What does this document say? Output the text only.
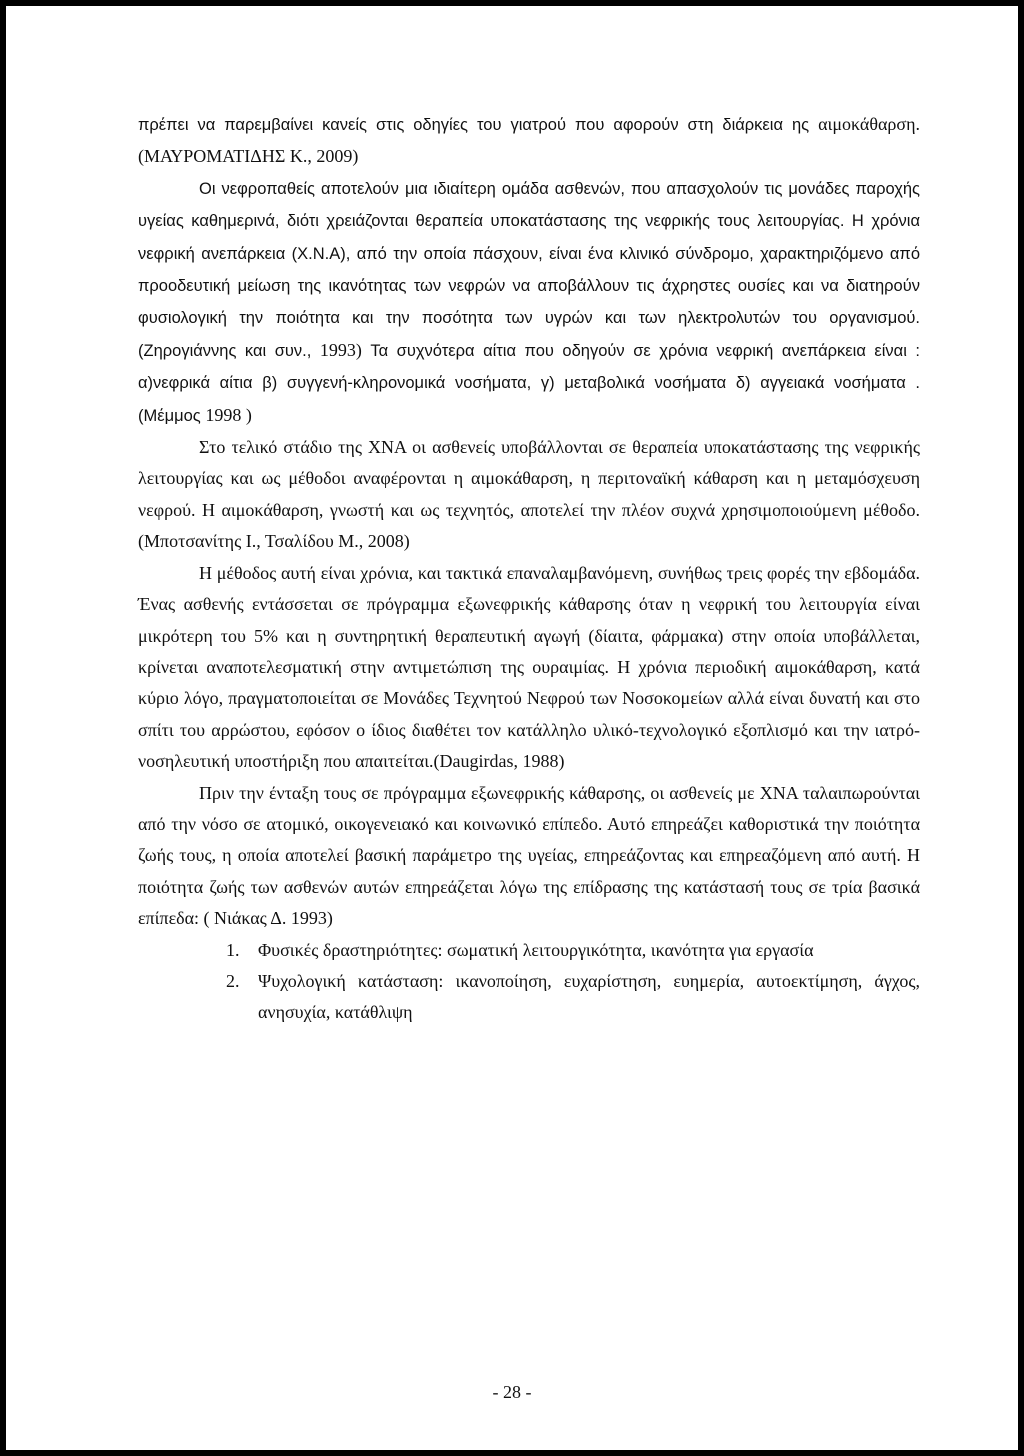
πρέπει να παρεμβαίνει κανείς στις οδηγίες του γιατρού που αφορούν στη διάρκεια ης αιμοκάθαρση. (ΜΑΥΡΟΜΑΤΙΔΗΣ Κ., 2009)

Οι νεφροπαθείς αποτελούν μια ιδιαίτερη ομάδα ασθενών, που απασχολούν τις μονάδες παροχής υγείας καθημερινά, διότι χρειάζονται θεραπεία υποκατάστασης της νεφρικής τους λειτουργίας. Η χρόνια νεφρική ανεπάρκεια (Χ.Ν.Α), από την οποία πάσχουν, είναι ένα κλινικό σύνδρομο, χαρακτηριζόμενο από προοδευτική μείωση της ικανότητας των νεφρών να αποβάλλουν τις άχρηστες ουσίες και να διατηρούν φυσιολογική την ποιότητα και την ποσότητα των υγρών και των ηλεκτρολυτών του οργανισμού.(Ζηρογιάννης και συν., 1993) Τα συχνότερα αίτια που οδηγούν σε χρόνια νεφρική ανεπάρκεια είναι : α)νεφρικά αίτια β) συγγενή-κληρονομικά νοσήματα, γ) μεταβολικά νοσήματα δ) αγγειακά νοσήματα .(Μέμμος 1998 )

Στο τελικό στάδιο της ΧΝΑ οι ασθενείς υποβάλλονται σε θεραπεία υποκατάστασης της νεφρικής λειτουργίας και ως μέθοδοι αναφέρονται η αιμοκάθαρση, η περιτοναϊκή κάθαρση και η μεταμόσχευση νεφρού. Η αιμοκάθαρση, γνωστή και ως τεχνητός, αποτελεί την πλέον συχνά χρησιμοποιούμενη μέθοδο.(Μποτσανίτης Ι., Τσαλίδου Μ., 2008)

Η μέθοδος αυτή είναι χρόνια, και τακτικά επαναλαμβανόμενη, συνήθως τρεις φορές την εβδομάδα. Ένας ασθενής εντάσσεται σε πρόγραμμα εξωνεφρικής κάθαρσης όταν η νεφρική του λειτουργία είναι μικρότερη του 5% και η συντηρητική θεραπευτική αγωγή (δίαιτα, φάρμακα) στην οποία υποβάλλεται, κρίνεται αναποτελεσματική στην αντιμετώπιση της ουραιμίας. Η χρόνια περιοδική αιμοκάθαρση, κατά κύριο λόγο, πραγματοποιείται σε Μονάδες Τεχνητού Νεφρού των Νοσοκομείων αλλά είναι δυνατή και στο σπίτι του αρρώστου, εφόσον ο ίδιος διαθέτει τον κατάλληλο υλικό-τεχνολογικό εξοπλισμό και την ιατρό-νοσηλευτική υποστήριξη που απαιτείται.(Daugirdas, 1988)

Πριν την ένταξη τους σε πρόγραμμα εξωνεφρικής κάθαρσης, οι ασθενείς με ΧΝΑ ταλαιπωρούνται από την νόσο σε ατομικό, οικογενειακό και κοινωνικό επίπεδο. Αυτό επηρεάζει καθοριστικά την ποιότητα ζωής τους, η οποία αποτελεί βασική παράμετρο της υγείας, επηρεάζοντας και επηρεαζόμενη από αυτή. Η ποιότητα ζωής των ασθενών αυτών επηρεάζεται λόγω της επίδρασης της κατάστασή τους σε τρία βασικά επίπεδα: ( Νιάκας Δ. 1993)

1. Φυσικές δραστηριότητες: σωματική λειτουργικότητα, ικανότητα για εργασία
2. Ψυχολογική κατάσταση: ικανοποίηση, ευχαρίστηση, ευημερία, αυτοεκτίμηση, άγχος, ανησυχία, κατάθλιψη
- 28 -
